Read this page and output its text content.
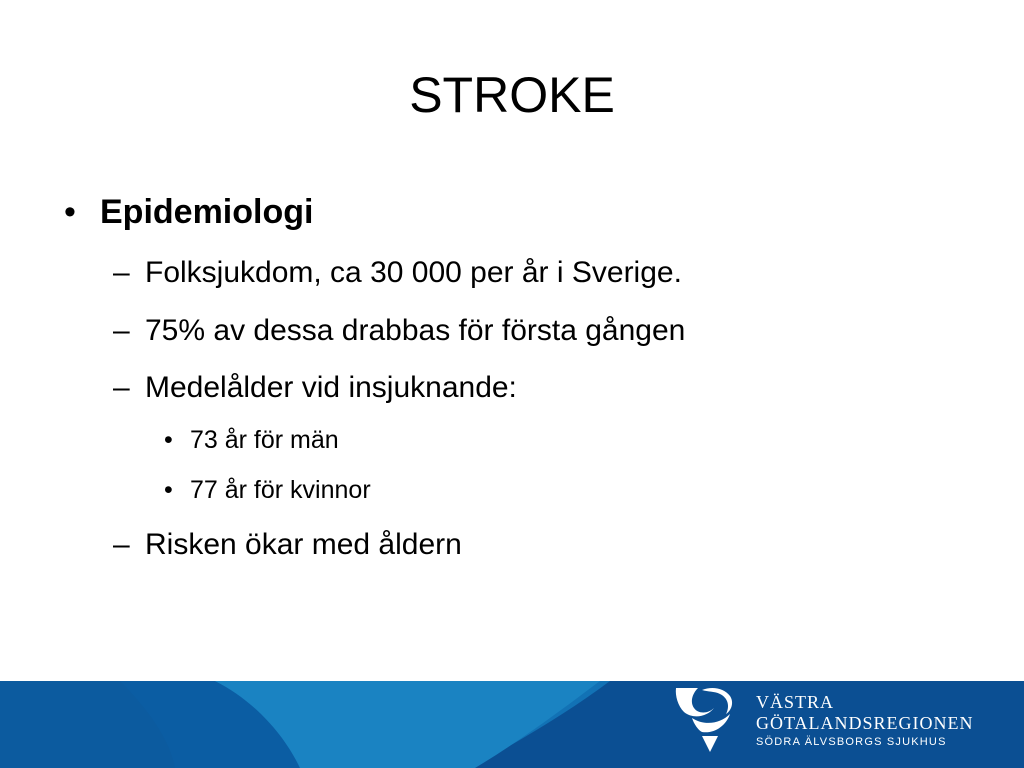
STROKE
• Epidemiologi
– Folksjukdom, ca 30 000 per år i Sverige.
– 75% av dessa drabbas för första gången
– Medelålder vid insjuknande:
• 73 år för män
• 77 år för kvinnor
– Risken ökar med åldern
VÄSTRA
GÖTALANDSREGIONEN
SÖDRA ÄLVSBORGS SJUKHUS
